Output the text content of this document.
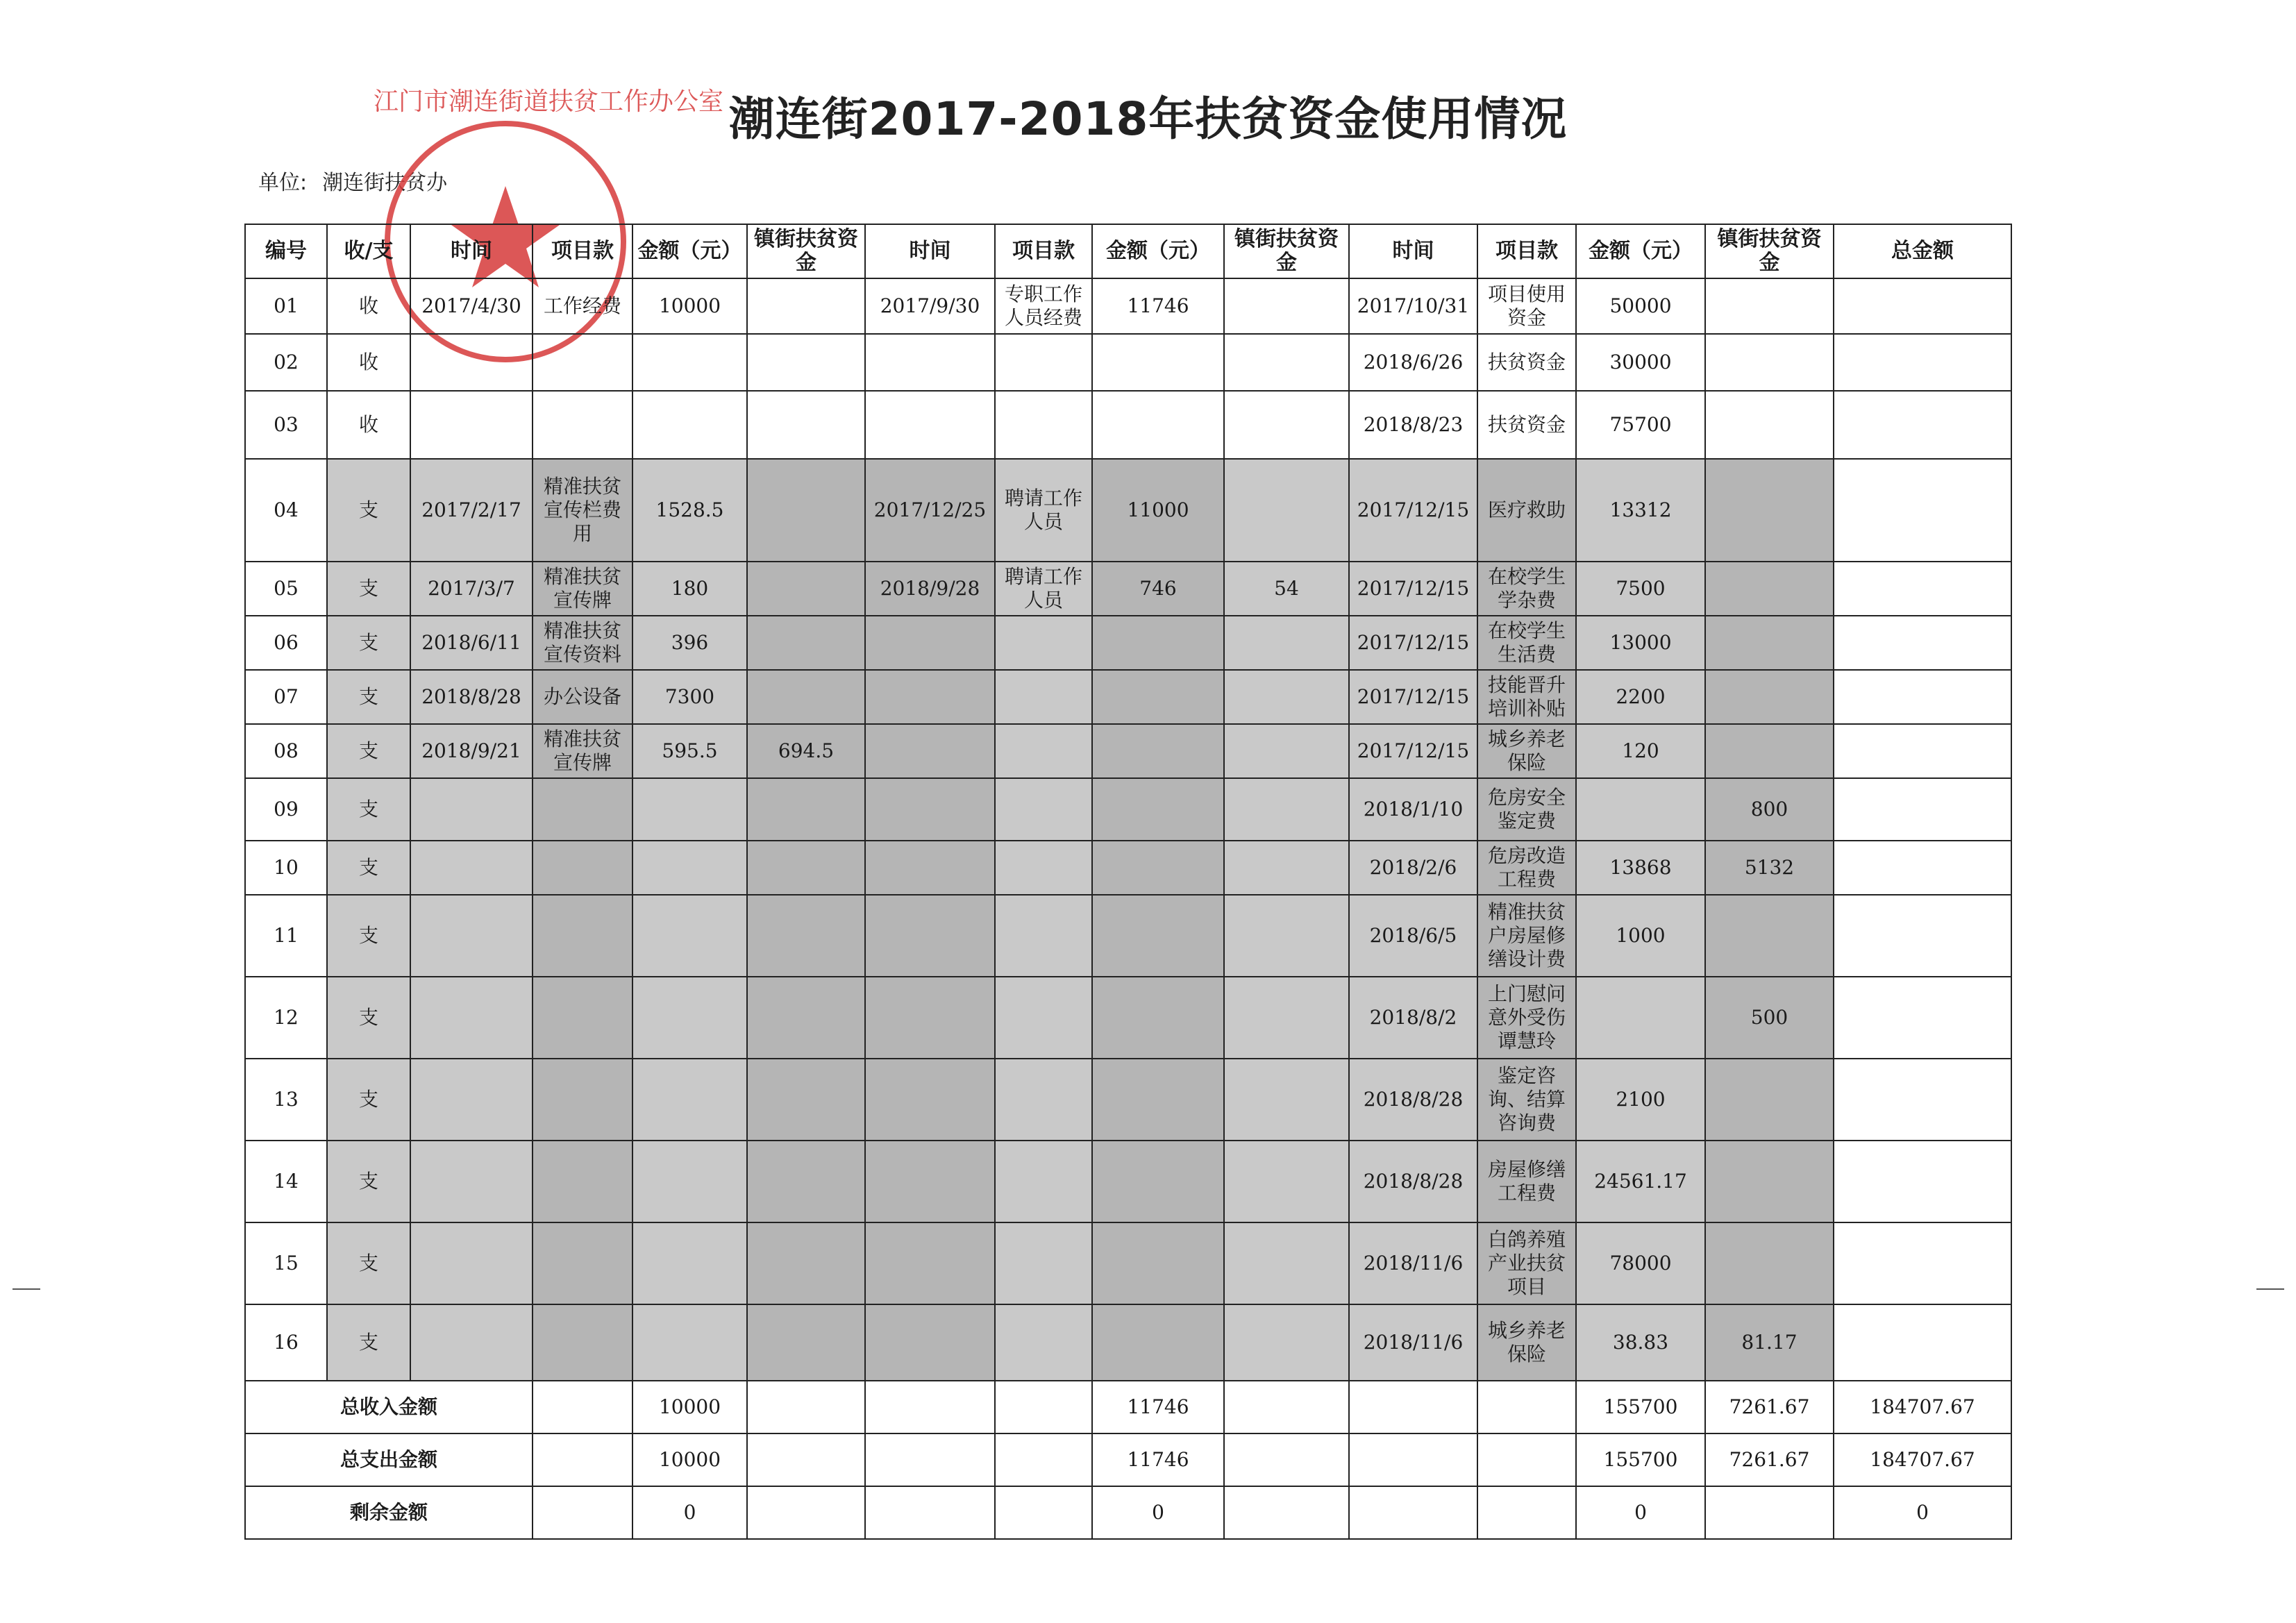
潮连街2017-2018年扶贫资金使用情况
单位: 潮连街扶贫办
江门市潮连街道扶贫工作办公室
编号	收/支	时间	项目款	金额（元）	镇街扶贫资金	时间	项目款	金额（元）	镇街扶贫资金	时间	项目款	金额（元）	镇街扶贫资金	总金额
01	收	2017/4/30	工作经费	10000		2017/9/30	专职工作人员经费	11746		2017/10/31	项目使用资金	50000		
02	收									2018/6/26	扶贫资金	30000		
03	收									2018/8/23	扶贫资金	75700		
04	支	2017/2/17	精准扶贫宣传栏费用	1528.5		2017/12/25	聘请工作人员	11000		2017/12/15	医疗救助	13312		
05	支	2017/3/7	精准扶贫宣传牌	180		2018/9/28	聘请工作人员	746	54	2017/12/15	在校学生学杂费	7500		
06	支	2018/6/11	精准扶贫宣传资料	396						2017/12/15	在校学生生活费	13000		
07	支	2018/8/28	办公设备	7300						2017/12/15	技能晋升培训补贴	2200		
08	支	2018/9/21	精准扶贫宣传牌	595.5	694.5					2017/12/15	城乡养老保险	120		
09	支									2018/1/10	危房安全鉴定费		800	
10	支									2018/2/6	危房改造工程费	13868	5132	
11	支									2018/6/5	精准扶贫户房屋修缮设计费	1000		
12	支									2018/8/2	上门慰问意外受伤谭慧玲		500	
13	支									2018/8/28	鉴定咨询、结算咨询费	2100		
14	支									2018/8/28	房屋修缮工程费	24561.17		
15	支									2018/11/6	白鸽养殖产业扶贫项目	78000		
16	支									2018/11/6	城乡养老保险	38.83	81.17	
总收入金额				10000				11746				155700	7261.67	184707.67
总支出金额				10000				11746				155700	7261.67	184707.67
剩余金额				0				0				0		0
